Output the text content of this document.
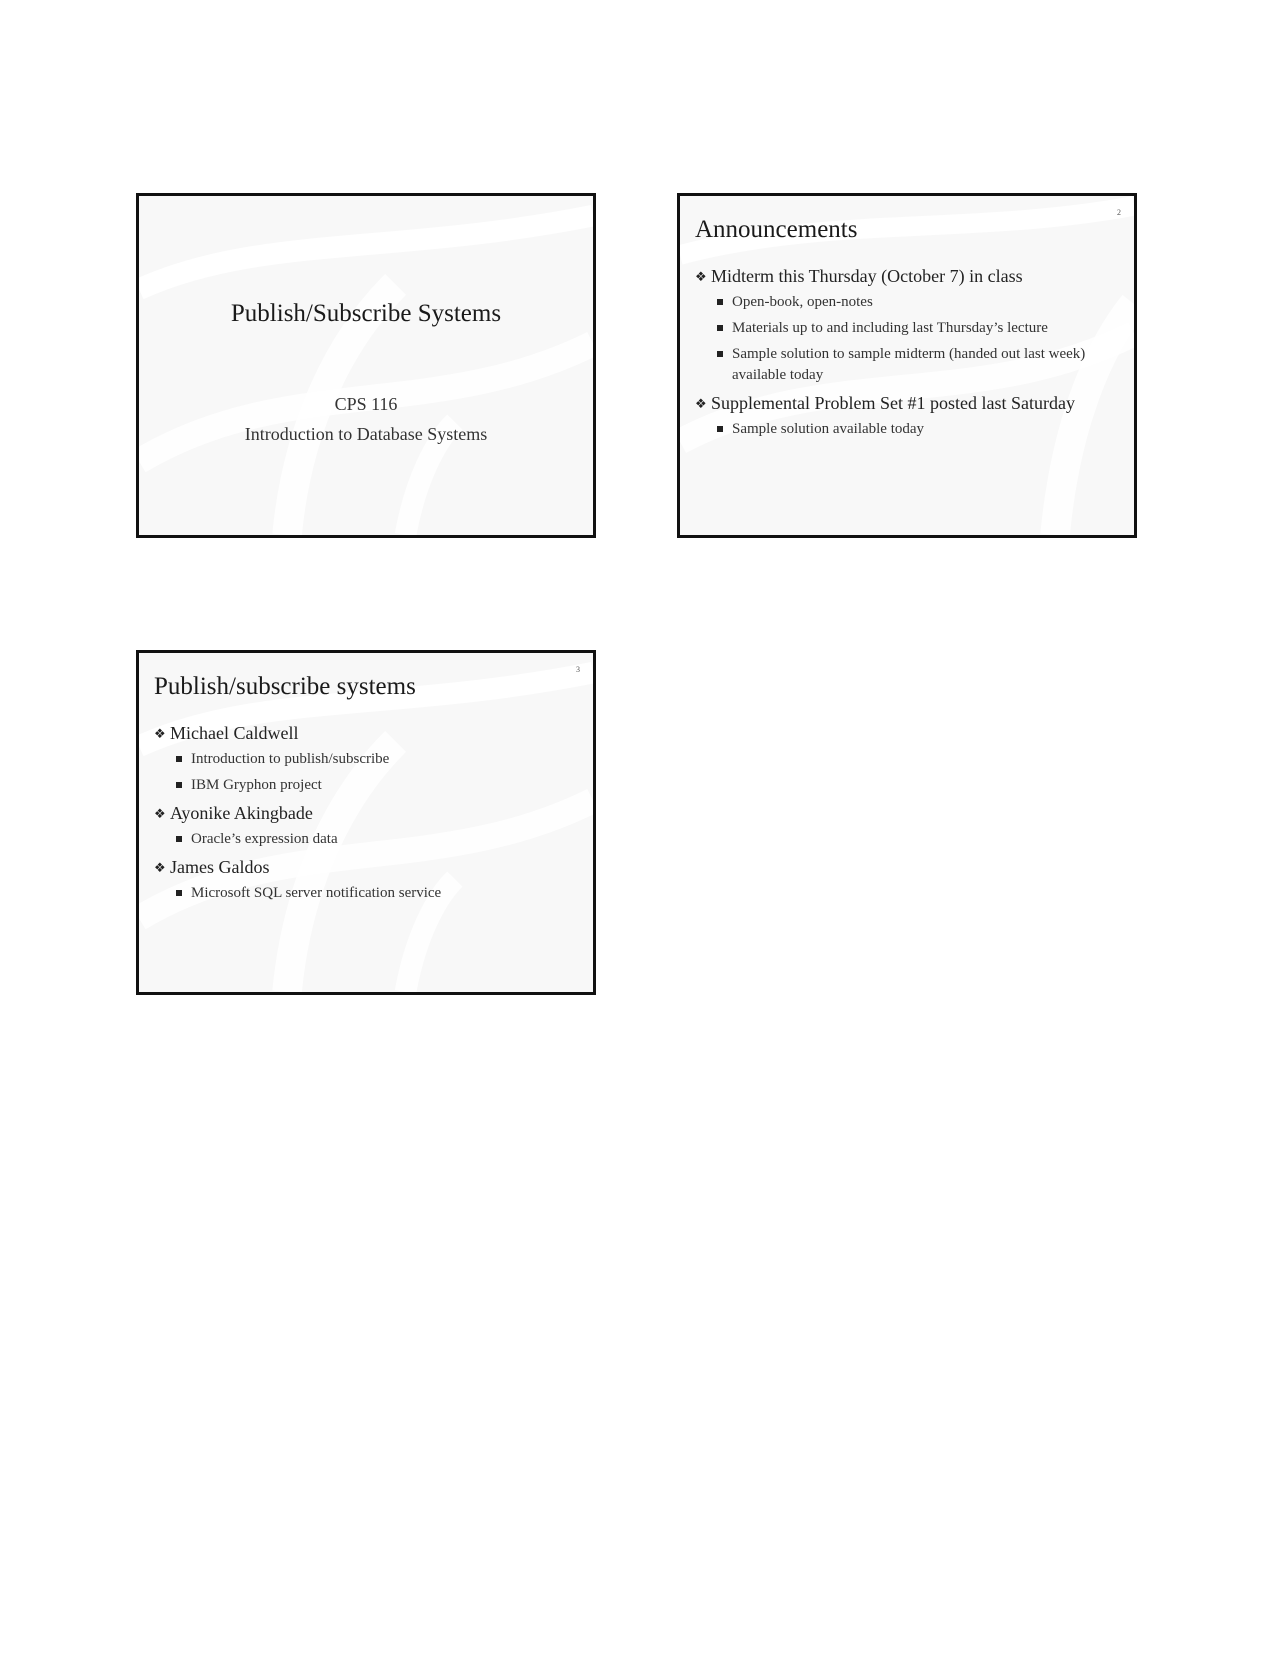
Publish/Subscribe Systems
CPS 116
Introduction to Database Systems
2
Announcements
❖ Midterm this Thursday (October 7) in class
Open-book, open-notes
Materials up to and including last Thursday’s lecture
Sample solution to sample midterm (handed out last week) available today
❖ Supplemental Problem Set #1 posted last Saturday
Sample solution available today
3
Publish/subscribe systems
❖ Michael Caldwell
Introduction to publish/subscribe
IBM Gryphon project
❖ Ayonike Akingbade
Oracle’s expression data
❖ James Galdos
Microsoft SQL server notification service
